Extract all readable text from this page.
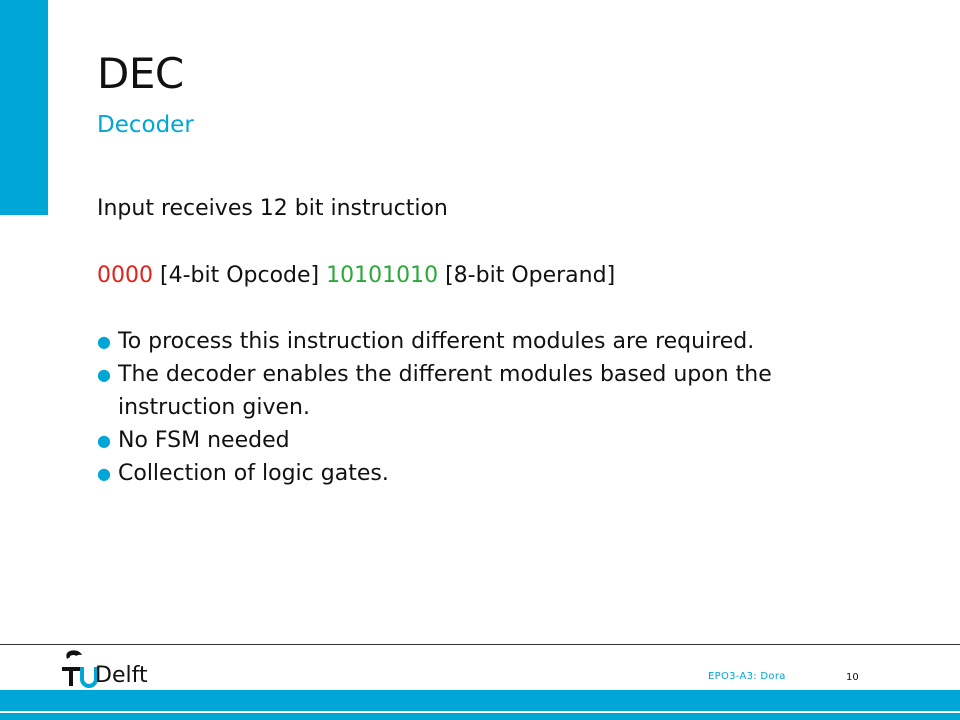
DEC
Decoder
Input receives 12 bit instruction
0000 [4-bit Opcode] 10101010 [8-bit Operand]
● To process this instruction different modules are required.
● The decoder enables the different modules based upon the instruction given.
● No FSM needed
● Collection of logic gates.
Delft	EPO3-A3: Dora	10
